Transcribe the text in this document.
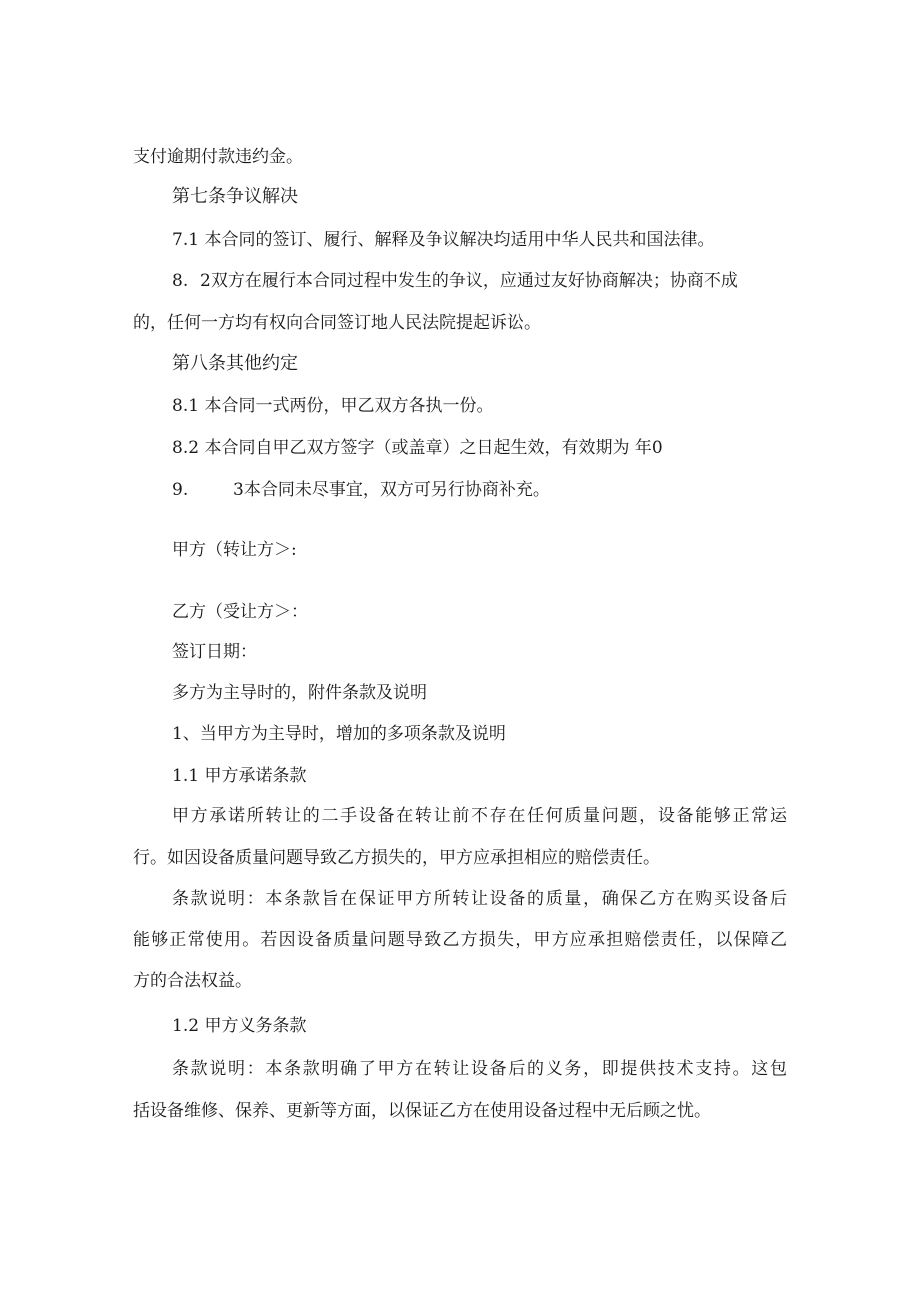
支付逾期付款违约金。
第七条争议解决
7.1 本合同的签订、履行、解释及争议解决均适用中华人民共和国法律。
8. 2双方在履行本合同过程中发生的争议，应通过友好协商解决；协商不成
的，任何一方均有权向合同签订地人民法院提起诉讼。
第八条其他约定
8.1 本合同一式两份，甲乙双方各执一份。
8.2 本合同自甲乙双方签字（或盖章）之日起生效，有效期为 年0
9.	3本合同未尽事宜，双方可另行协商补充。
甲方（转让方＞:
乙方（受让方＞：
签订日期：
多方为主导时的，附件条款及说明
1、当甲方为主导时，增加的多项条款及说明
1.1 甲方承诺条款
甲方承诺所转让的二手设备在转让前不存在任何质量问题，设备能够正常运
行。如因设备质量问题导致乙方损失的，甲方应承担相应的赔偿责任。
条款说明：本条款旨在保证甲方所转让设备的质量，确保乙方在购买设备后
能够正常使用。若因设备质量问题导致乙方损失，甲方应承担赔偿责任，以保障乙
方的合法权益。
1.2 甲方义务条款
条款说明：本条款明确了甲方在转让设备后的义务，即提供技术支持。这包
括设备维修、保养、更新等方面，以保证乙方在使用设备过程中无后顾之忧。
